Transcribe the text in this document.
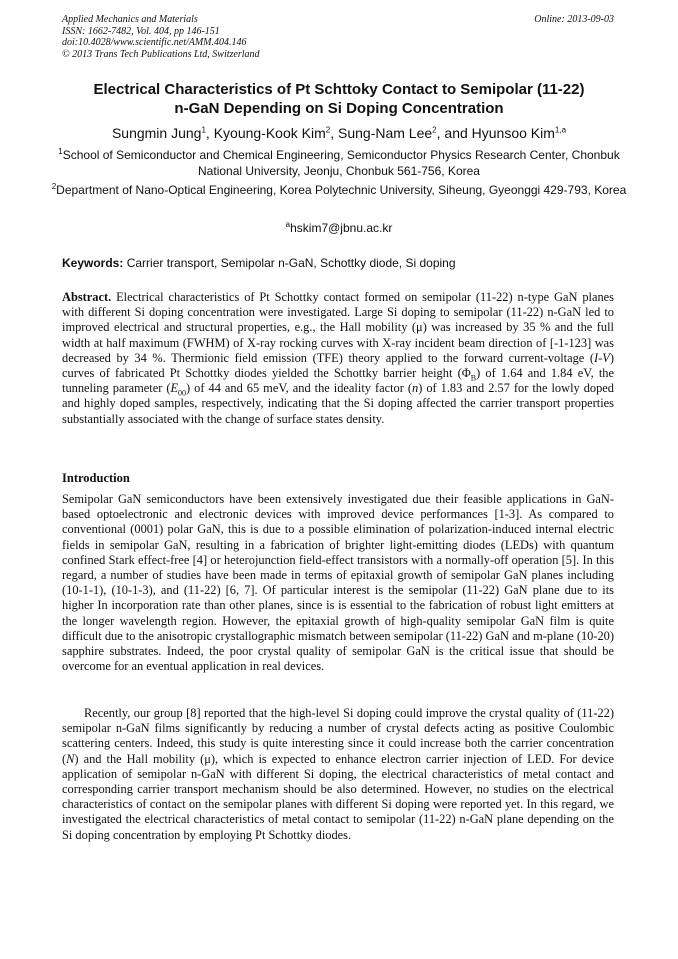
Applied Mechanics and Materials
ISSN: 1662-7482, Vol. 404, pp 146-151
doi:10.4028/www.scientific.net/AMM.404.146
© 2013 Trans Tech Publications Ltd, Switzerland
Online: 2013-09-03
Electrical Characteristics of Pt Schttoky Contact to Semipolar (11-22)
n-GaN Depending on Si Doping Concentration
Sungmin Jung$^1$, Kyoung-Kook Kim$^2$, Sung-Nam Lee$^2$, and Hyunsoo Kim$^{1,a}$
$^1$School of Semiconductor and Chemical Engineering, Semiconductor Physics Research Center, Chonbuk National University, Jeonju, Chonbuk 561-756, Korea
$^2$Department of Nano-Optical Engineering, Korea Polytechnic University, Siheung, Gyeonggi 429-793, Korea
$^a$hskim7@jbnu.ac.kr
Keywords: Carrier transport, Semipolar n-GaN, Schottky diode, Si doping
Abstract. Electrical characteristics of Pt Schottky contact formed on semipolar (11-22) n-type GaN planes with different Si doping concentration were investigated. Large Si doping to semipolar (11-22) n-GaN led to improved electrical and structural properties, e.g., the Hall mobility (μ) was increased by 35 % and the full width at half maximum (FWHM) of X-ray rocking curves with X-ray incident beam direction of [-1-123] was decreased by 34 %. Thermionic field emission (TFE) theory applied to the forward current-voltage (I-V) curves of fabricated Pt Schottky diodes yielded the Schottky barrier height $(\Phi_B)$ of 1.64 and 1.84 eV, the tunneling parameter $(E_{00})$ of 44 and 65 meV, and the ideality factor (n) of 1.83 and 2.57 for the lowly doped and highly doped samples, respectively, indicating that the Si doping affected the carrier transport properties substantially associated with the change of surface states density.
Introduction
Semipolar GaN semiconductors have been extensively investigated due their feasible applications in GaN-based optoelectronic and electronic devices with improved device performances [1-3]. As compared to conventional (0001) polar GaN, this is due to a possible elimination of polarization-induced internal electric fields in semipolar GaN, resulting in a fabrication of brighter light-emitting diodes (LEDs) with quantum confined Stark effect-free [4] or heterojunction field-effect transistors with a normally-off operation [5]. In this regard, a number of studies have been made in terms of epitaxial growth of semipolar GaN planes including (10-1-1), (10-1-3), and (11-22) [6, 7]. Of particular interest is the semipolar (11-22) GaN plane due to its higher In incorporation rate than other planes, since is is essential to the fabrication of robust light emitters at the longer wavelength region. However, the epitaxial growth of high-quality semipolar GaN film is quite difficult due to the anisotropic crystallographic mismatch between semipolar (11-22) GaN and m-plane (10-20) sapphire substrates. Indeed, the poor crystal quality of semipolar GaN is the critical issue that should be overcome for an eventual application in real devices.
Recently, our group [8] reported that the high-level Si doping could improve the crystal quality of (11-22) semipolar n-GaN films significantly by reducing a number of crystal defects acting as positive Coulombic scattering centers. Indeed, this study is quite interesting since it could increase both the carrier concentration (N) and the Hall mobility (μ), which is expected to enhance electron carrier injection of LED. For device application of semipolar n-GaN with different Si doping, the electrical characteristics of metal contact and corresponding carrier transport mechanism should be also determined. However, no studies on the electrical characteristics of contact on the semipolar planes with different Si doping were reported yet. In this regard, we investigated the electrical characteristics of metal contact to semipolar (11-22) n-GaN plane depending on the Si doping concentration by employing Pt Schottky diodes.
